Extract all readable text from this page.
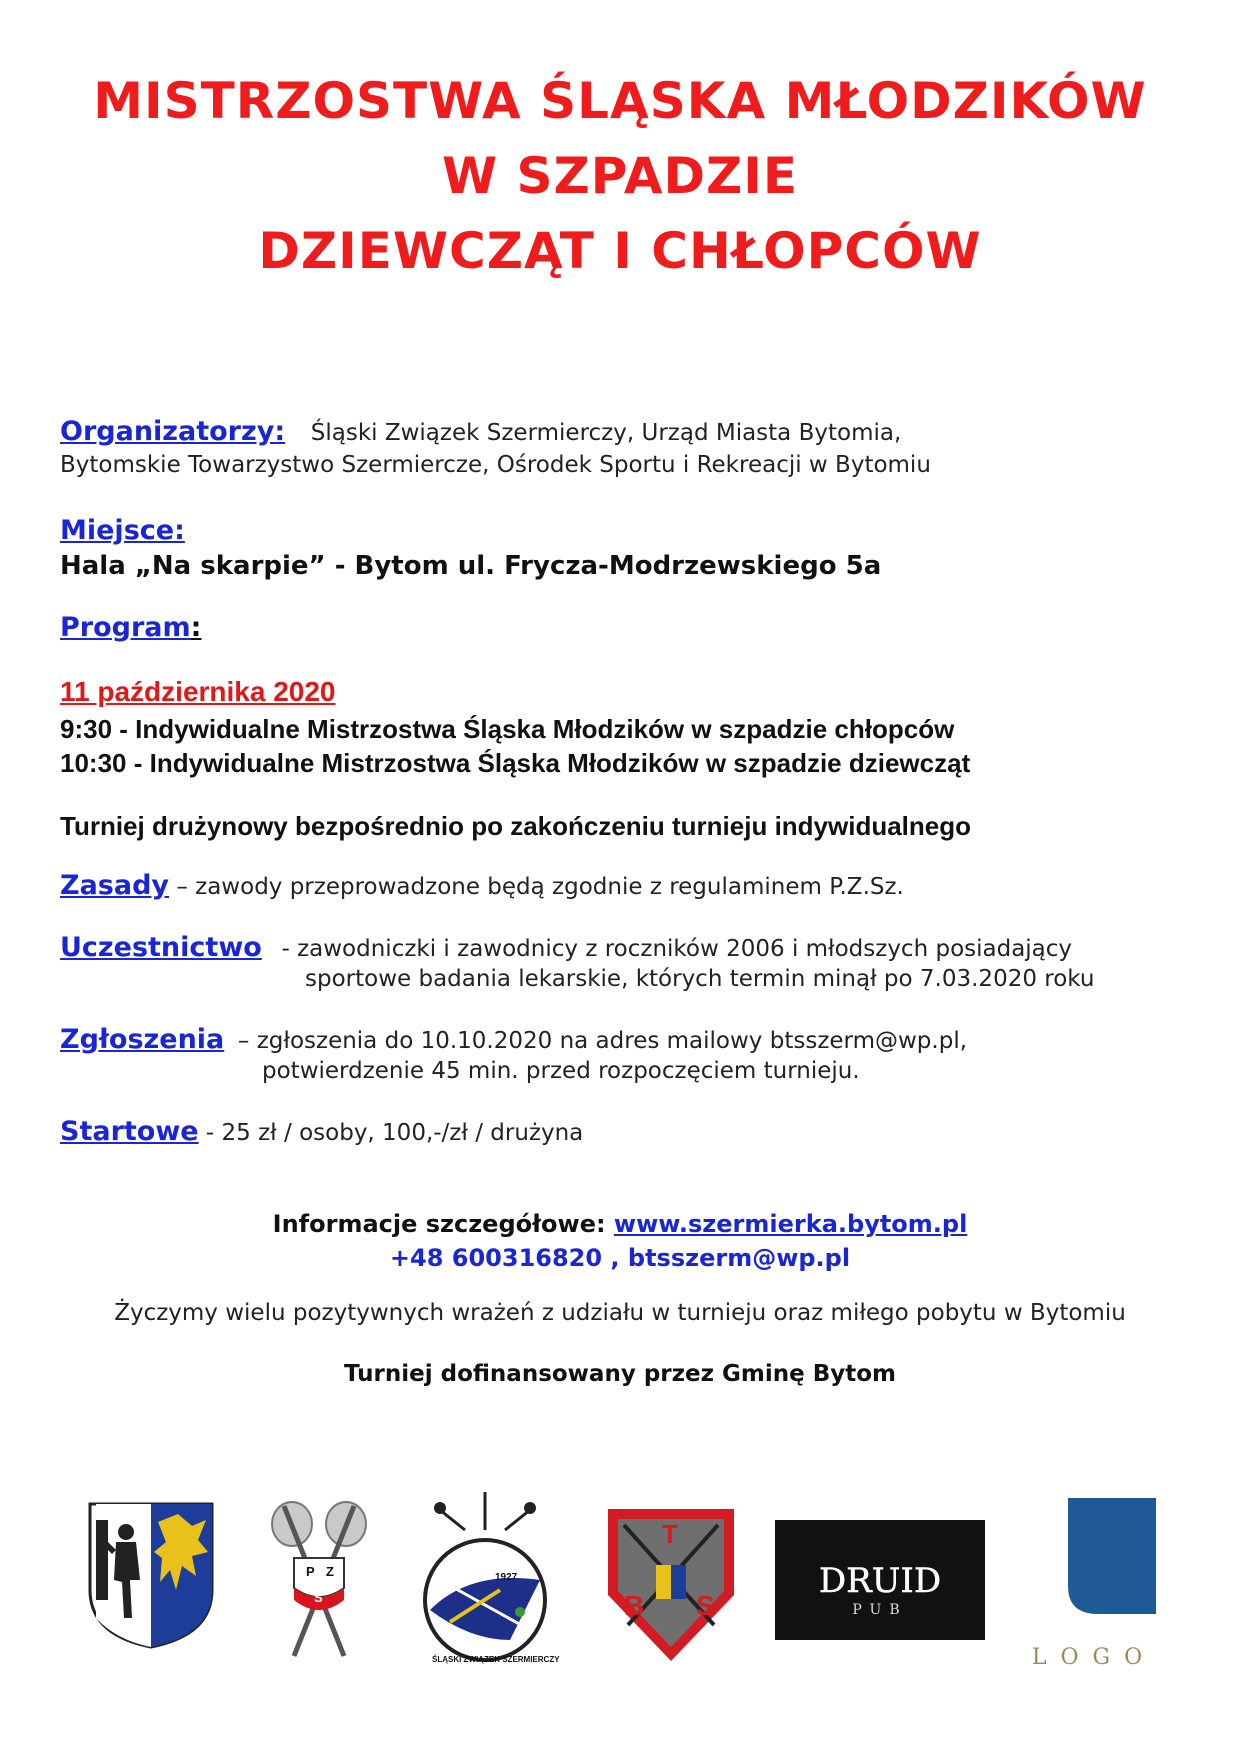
MISTRZOSTWA ŚLĄSKA MŁODZIKÓW
W SZPADZIE
DZIEWCZĄT I CHŁOPCÓW
Organizatorzy: Śląski Związek Szermierczy, Urząd Miasta Bytomia,
Bytomskie Towarzystwo Szermiercze, Ośrodek Sportu i Rekreacji w Bytomiu
Miejsce:
Hala „Na skarpie” - Bytom ul. Frycza-Modrzewskiego 5a
Program:
11 października 2020
9:30 - Indywidualne Mistrzostwa Śląska Młodzików w szpadzie chłopców
10:30 - Indywidualne Mistrzostwa Śląska Młodzików w szpadzie dziewcząt
Turniej drużynowy bezpośrednio po zakończeniu turnieju indywidualnego
Zasady – zawody przeprowadzone będą zgodnie z regulaminem P.Z.Sz.
Uczestnictwo - zawodniczki i zawodnicy z roczników 2006 i młodszych posiadający
sportowe badania lekarskie, których termin minął po 7.03.2020 roku
Zgłoszenia – zgłoszenia do 10.10.2020 na adres mailowy btsszerm@wp.pl,
potwierdzenie 45 min. przed rozpoczęciem turnieju.
Startowe - 25 zł / osoby, 100,-/zł / drużyna
Informacje szczegółowe: www.szermierka.bytom.pl
+48 600316820 , btsszerm@wp.pl
Życzymy wielu pozytywnych wrażeń z udziału w turnieju oraz miłego pobytu w Bytomiu
Turniej dofinansowany przez Gminę Bytom
P Z
S
1927
ŚLĄSKI ZWIĄZEK SZERMIERCZY
T
B S
DRUID
PUB
LOGO
